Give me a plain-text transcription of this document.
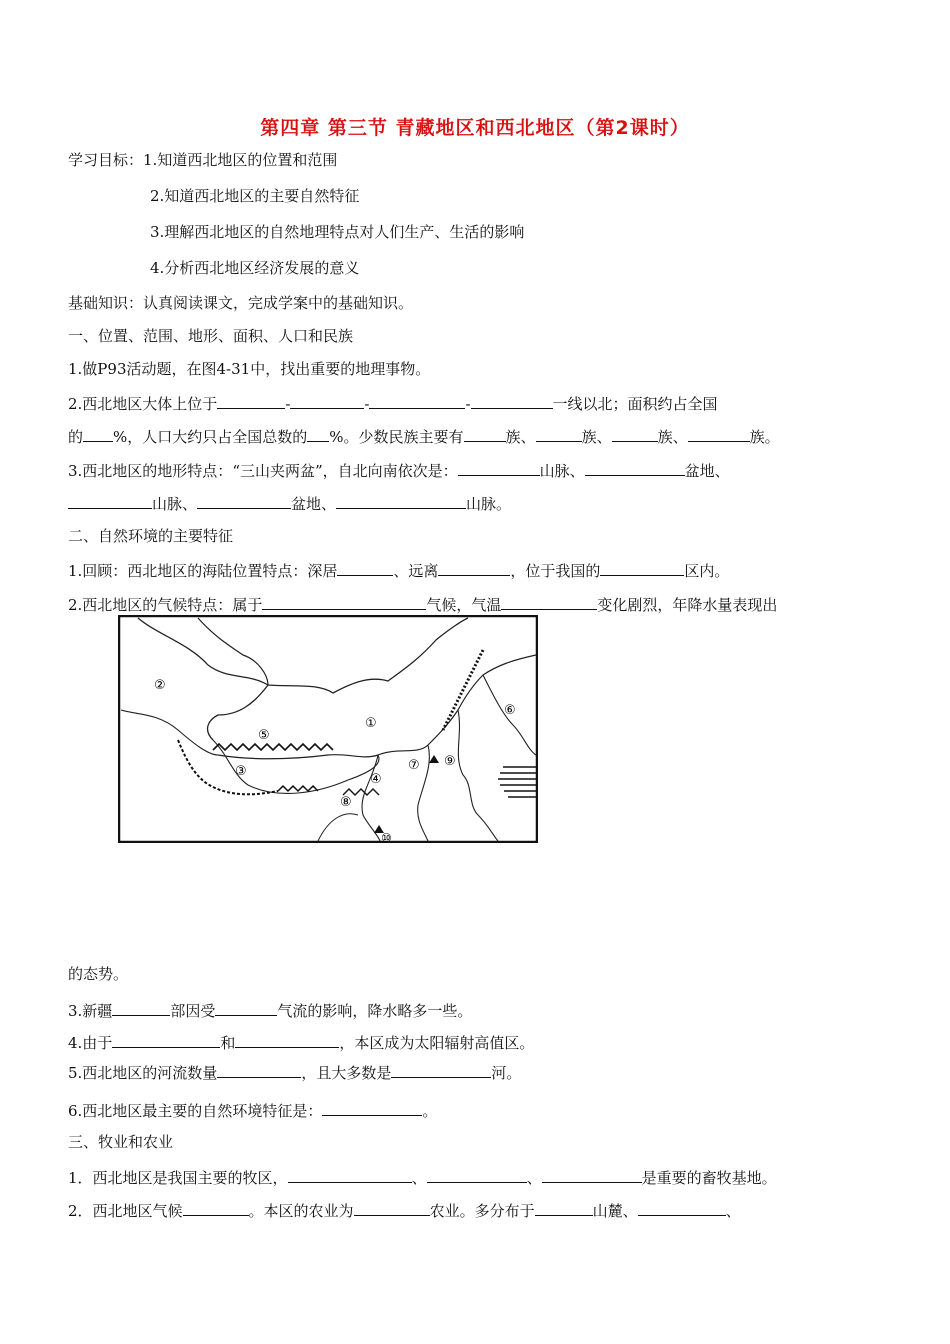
第四章 第三节 青藏地区和西北地区（第2课时）
学习目标：1.知道西北地区的位置和范围
2.知道西北地区的主要自然特征
3.理解西北地区的自然地理特点对人们生产、生活的影响
4.分析西北地区经济发展的意义
基础知识：认真阅读课文，完成学案中的基础知识。
一、位置、范围、地形、面积、人口和民族
1.做P93活动题，在图4-31中，找出重要的地理事物。
2.西北地区大体上位于	-	-	-	一线以北；面积约占全国
的 %，人口大约只占全国总数的 %。少数民族主要有	族、	族、	族、	族。
3.西北地区的地形特点：“三山夹两盆”，自北向南依次是：	山脉、	盆地、
山脉、	盆地、	山脉。
二、自然环境的主要特征
1.回顾：西北地区的海陆位置特点：深居	、远离	，位于我国的	区内。
2.西北地区的气候特点：属于	气候，气温	变化剧烈，年降水量表现出
①
②
③
④
⑤
⑥
⑦
⑧
⑨
⑩
的态势。
3.新疆	部因受	气流的影响，降水略多一些。
4.由于	和	，本区成为太阳辐射高值区。
5.西北地区的河流数量	，且大多数是	河。
6.西北地区最主要的自然环境特征是：	。
三、牧业和农业
1．西北地区是我国主要的牧区，	、	、	是重要的畜牧基地。
2．西北地区气候	。本区的农业为	农业。多分布于	山麓、	、
